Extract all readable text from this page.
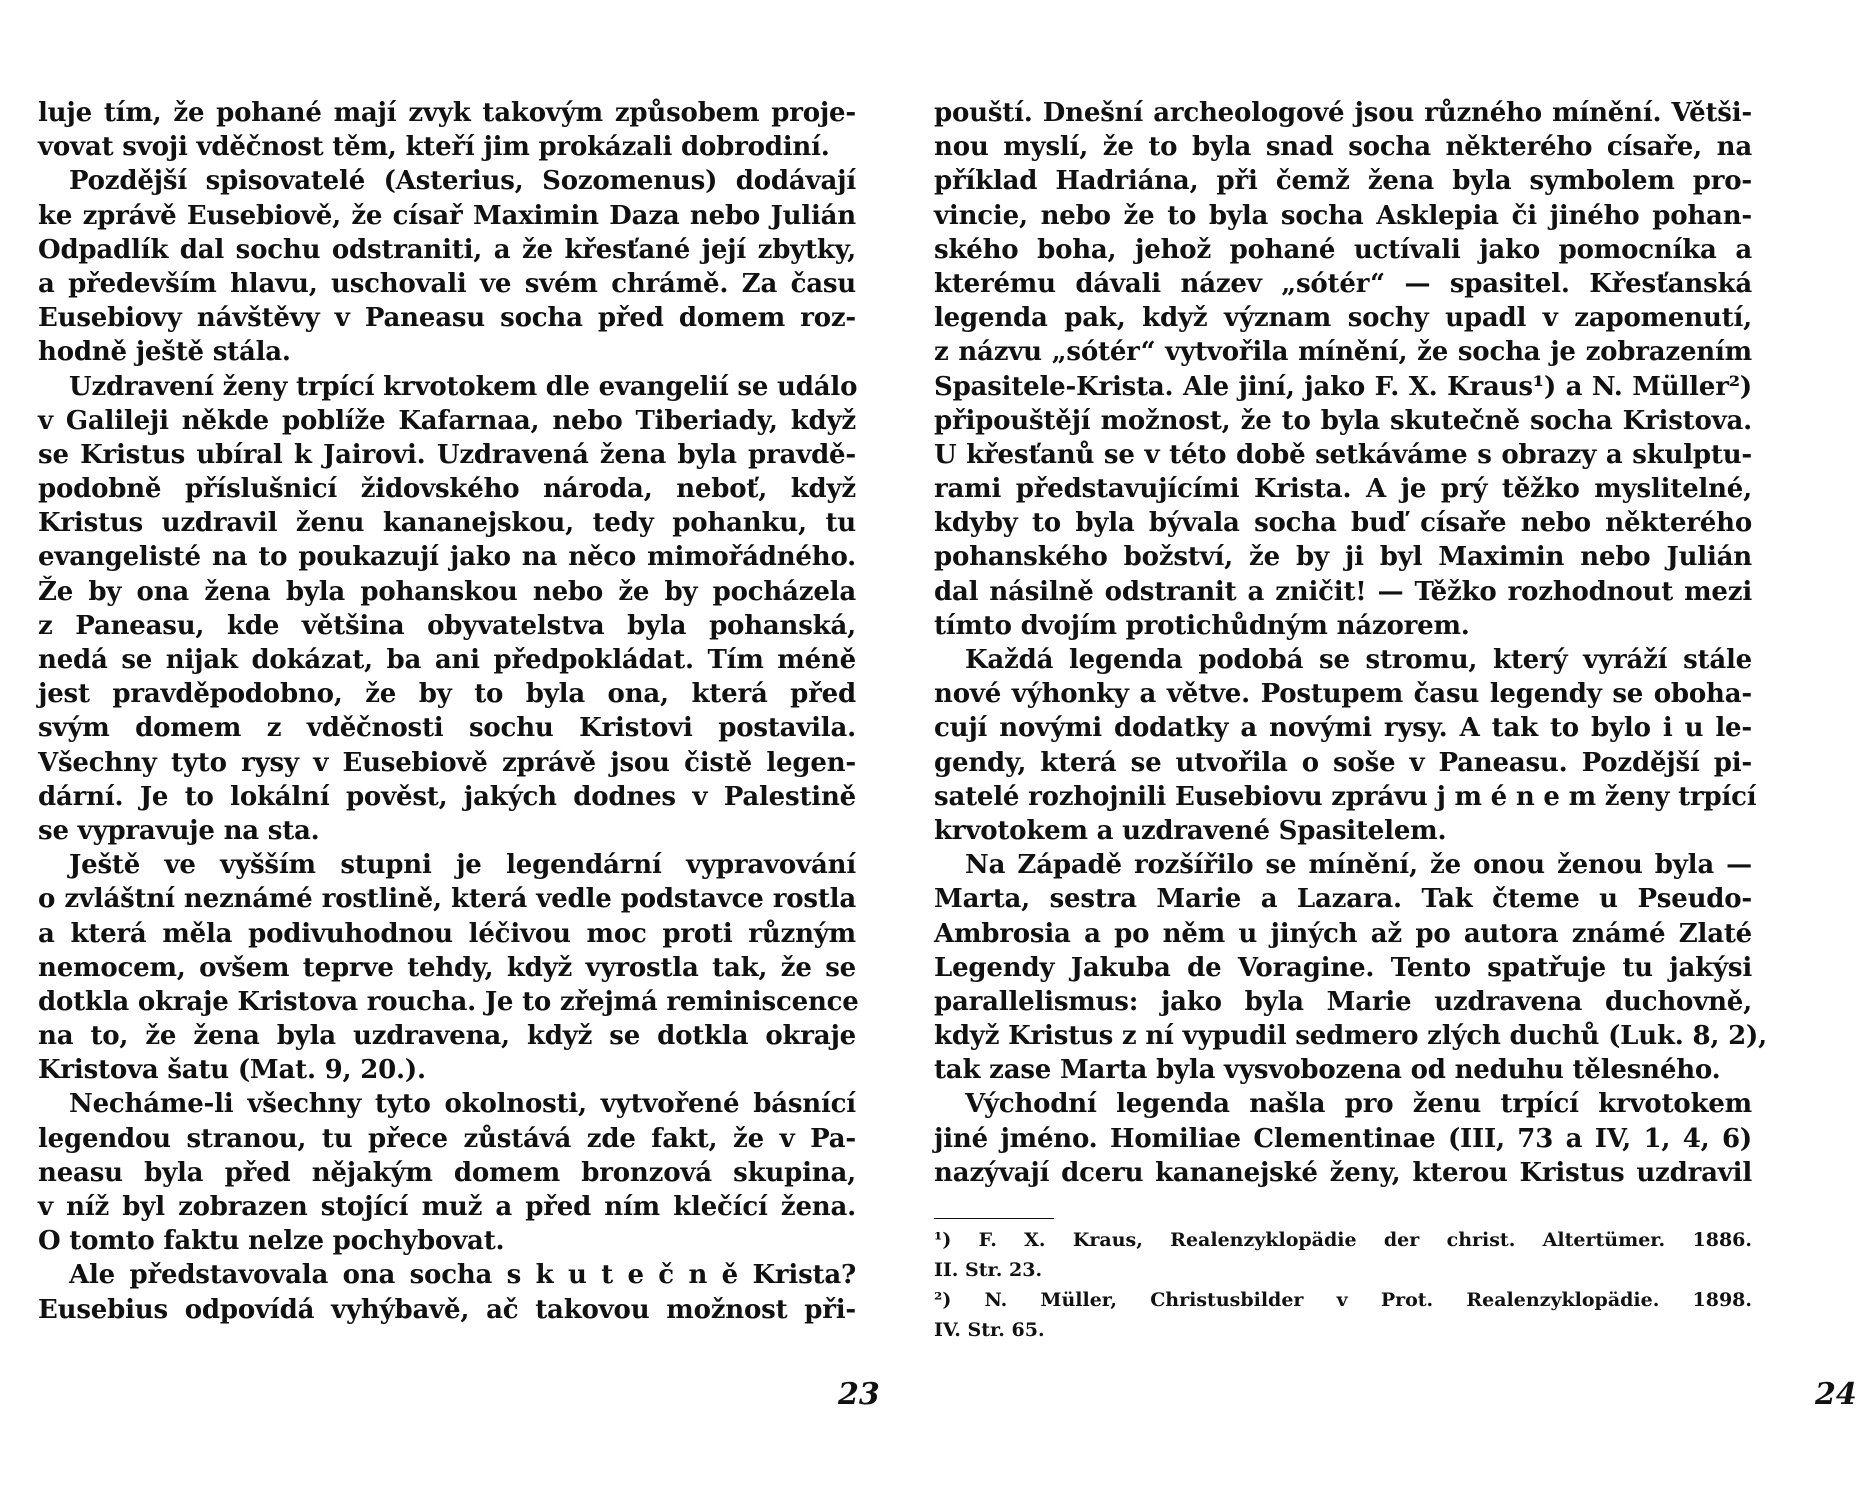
luje tím, že pohané mají zvyk takovým způsobem proje-
vovat svoji vděčnost těm, kteří jim prokázali dobrodiní.
Pozdější spisovatelé (Asterius, Sozomenus) dodávají
ke zprávě Eusebiově, že císař Maximin Daza nebo Julián
Odpadlík dal sochu odstraniti, a že křesťané její zbytky,
a především hlavu, uschovali ve svém chrámě. Za času
Eusebiovy návštěvy v Paneasu socha před domem roz-
hodně ještě stála.
Uzdravení ženy trpící krvotokem dle evangelií se událo
v Galileji někde poblíže Kafarnaa, nebo Tiberiady, když
se Kristus ubíral k Jairovi. Uzdravená žena byla pravdě-
podobně příslušnicí židovského národa, neboť, když
Kristus uzdravil ženu kananejskou, tedy pohanku, tu
evangelisté na to poukazují jako na něco mimořádného.
Že by ona žena byla pohanskou nebo že by pocházela
z Paneasu, kde většina obyvatelstva byla pohanská,
nedá se nijak dokázat, ba ani předpokládat. Tím méně
jest pravděpodobno, že by to byla ona, která před
svým domem z vděčnosti sochu Kristovi postavila.
Všechny tyto rysy v Eusebiově zprávě jsou čistě legen-
dární. Je to lokální pověst, jakých dodnes v Palestině
se vypravuje na sta.
Ještě ve vyšším stupni je legendární vypravování
o zvláštní neznámé rostlině, která vedle podstavce rostla
a která měla podivuhodnou léčivou moc proti různým
nemocem, ovšem teprve tehdy, když vyrostla tak, že se
dotkla okraje Kristova roucha. Je to zřejmá reminiscence
na to, že žena byla uzdravena, když se dotkla okraje
Kristova šatu (Mat. 9, 20.).
Necháme-li všechny tyto okolnosti, vytvořené básnící
legendou stranou, tu přece zůstává zde fakt, že v Pa-
neasu byla před nějakým domem bronzová skupina,
v níž byl zobrazen stojící muž a před ním klečící žena.
O tomto faktu nelze pochybovat.
Ale představovala ona socha s k u t e č n ě Krista?
Eusebius odpovídá vyhýbavě, ač takovou možnost při-
23
pouští. Dnešní archeologové jsou různého mínění. Větši-
nou myslí, že to byla snad socha některého císaře, na
příklad Hadriána, při čemž žena byla symbolem pro-
vincie, nebo že to byla socha Asklepia či jiného pohan-
ského boha, jehož pohané uctívali jako pomocníka a
kterému dávali název „sótér“ — spasitel. Křesťanská
legenda pak, když význam sochy upadl v zapomenutí,
z názvu „sótér“ vytvořila mínění, že socha je zobrazením
Spasitele-Krista. Ale jiní, jako F. X. Kraus¹) a N. Müller²)
připouštějí možnost, že to byla skutečně socha Kristova.
U křesťanů se v této době setkáváme s obrazy a skulptu-
rami představujícími Krista. A je prý těžko myslitelné,
kdyby to byla bývala socha buď císaře nebo některého
pohanského božství, že by ji byl Maximin nebo Julián
dal násilně odstranit a zničit! — Těžko rozhodnout mezi
tímto dvojím protichůdným názorem.
Každá legenda podobá se stromu, který vyráží stále
nové výhonky a větve. Postupem času legendy se oboha-
cují novými dodatky a novými rysy. A tak to bylo i u le-
gendy, která se utvořila o soše v Paneasu. Pozdější pi-
satelé rozhojnili Eusebiovu zprávu j m é n e m ženy trpící
krvotokem a uzdravené Spasitelem.
Na Západě rozšířilo se mínění, že onou ženou byla —
Marta, sestra Marie a Lazara. Tak čteme u Pseudo-
Ambrosia a po něm u jiných až po autora známé Zlaté
Legendy Jakuba de Voragine. Tento spatřuje tu jakýsi
parallelismus: jako byla Marie uzdravena duchovně,
když Kristus z ní vypudil sedmero zlých duchů (Luk. 8, 2),
tak zase Marta byla vysvobozena od neduhu tělesného.
Východní legenda našla pro ženu trpící krvotokem
jiné jméno. Homiliae Clementinae (III, 73 a IV, 1, 4, 6)
nazývají dceru kananejské ženy, kterou Kristus uzdravil
¹) F. X. Kraus, Realenzyklopädie der christ. Altertümer. 1886.
II. Str. 23.
²) N. Müller, Christusbilder v Prot. Realenzyklopädie. 1898.
IV. Str. 65.
24
